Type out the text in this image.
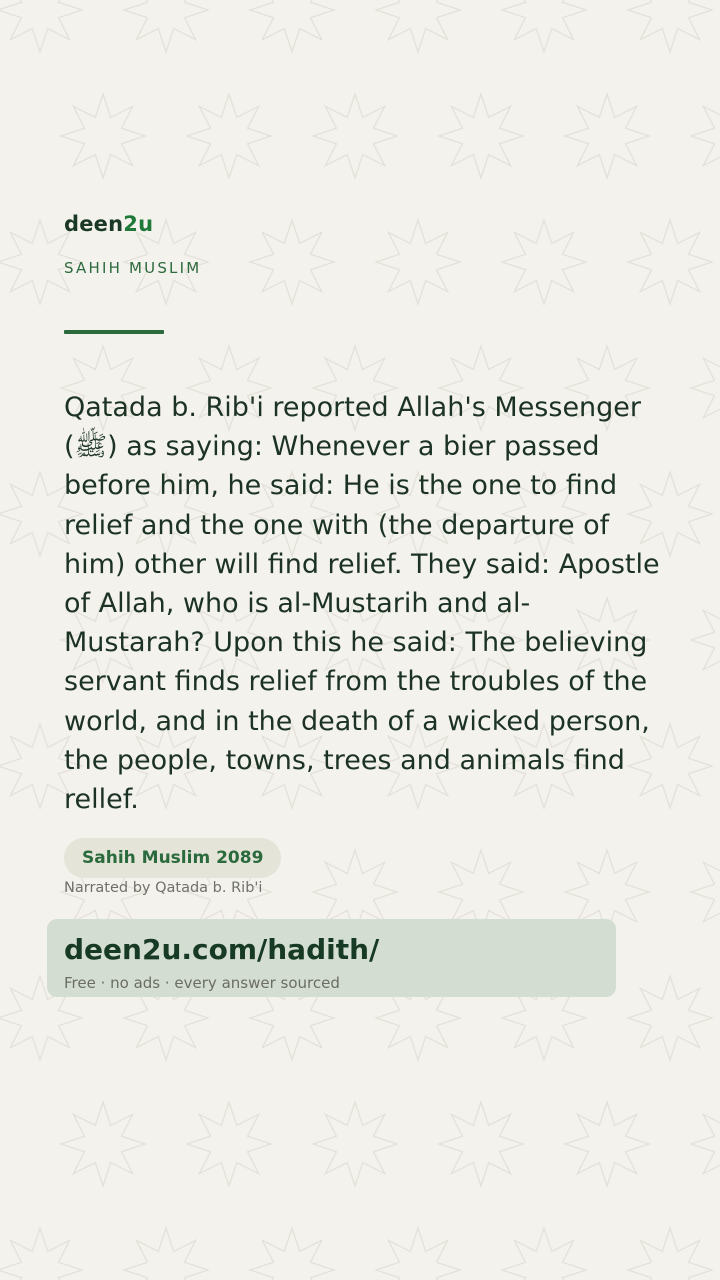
deen2u
SAHIH MUSLIM

Qatada b. Rib'i reported Allah's Messenger (ﷺ) as saying: Whenever a bier passed before him, he said: He is the one to find relief and the one with (the departure of him) other will find relief. They said: Apostle of Allah, who is al-Mustarih and al-Mustarah? Upon this he said: The believing servant finds relief from the troubles of the world, and in the death of a wicked person, the people, towns, trees and animals find rellef.

Sahih Muslim 2089
Narrated by Qatada b. Rib'i
deen2u.com/hadith/
Free · no ads · every answer sourced
